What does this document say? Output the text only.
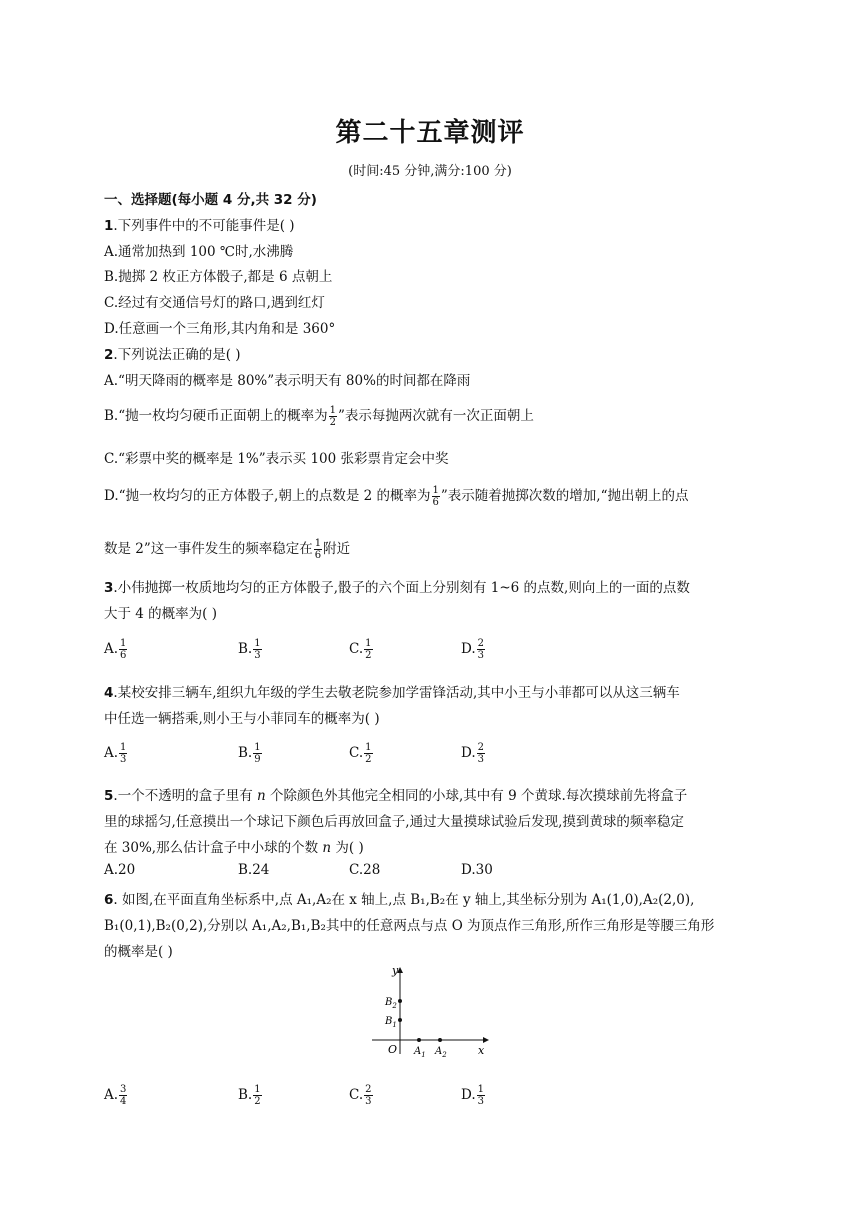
第二十五章测评
(时间:45 分钟,满分:100 分)
一、选择题(每小题 4 分,共 32 分)
1.下列事件中的不可能事件是( )
A.通常加热到 100 ℃时,水沸腾
B.抛掷 2 枚正方体骰子,都是 6 点朝上
C.经过有交通信号灯的路口,遇到红灯
D.任意画一个三角形,其内角和是 360°
2.下列说法正确的是( )
A.“明天降雨的概率是 80%”表示明天有 80%的时间都在降雨
B.“抛一枚均匀硬币正面朝上的概率为 $\frac{1}{2}$ ”表示每抛两次就有一次正面朝上
C.“彩票中奖的概率是 1%”表示买 100 张彩票肯定会中奖
D.“抛一枚均匀的正方体骰子,朝上的点数是 2 的概率为 $\frac{1}{6}$ ”表示随着抛掷次数的增加,“抛出朝上的点
数是 2”这一事件发生的频率稳定在 $\frac{1}{6}$ 附近
3.小伟抛掷一枚质地均匀的正方体骰子,骰子的六个面上分别刻有 1~6 的点数,则向上的一面的点数
大于 4 的概率为( )
A. $\frac{1}{6}$	B. $\frac{1}{3}$	C. $\frac{1}{2}$	D. $\frac{2}{3}$
4.某校安排三辆车,组织九年级的学生去敬老院参加学雷锋活动,其中小王与小菲都可以从这三辆车
中任选一辆搭乘,则小王与小菲同车的概率为( )
A. $\frac{1}{3}$	B. $\frac{1}{9}$	C. $\frac{1}{2}$	D. $\frac{2}{3}$
5.一个不透明的盒子里有 n 个除颜色外其他完全相同的小球,其中有 9 个黄球.每次摸球前先将盒子
里的球摇匀,任意摸出一个球记下颜色后再放回盒子,通过大量摸球试验后发现,摸到黄球的频率稳定
在 30%,那么估计盒子中小球的个数 n 为( )
A.20	B.24	C.28	D.30
6. 如图,在平面直角坐标系中,点 A₁,A₂在 x 轴上,点 B₁,B₂在 y 轴上,其坐标分别为 A₁(1,0),A₂(2,0),
B₁(0,1),B₂(0,2),分别以 A₁,A₂,B₁,B₂其中的任意两点与点 O 为顶点作三角形,所作三角形是等腰三角形
的概率是( )
y
x
O
$B_2$
$B_1$
$A_1$ $A_2$
A. $\frac{3}{4}$	B. $\frac{1}{2}$	C. $\frac{2}{3}$	D. $\frac{1}{3}$
